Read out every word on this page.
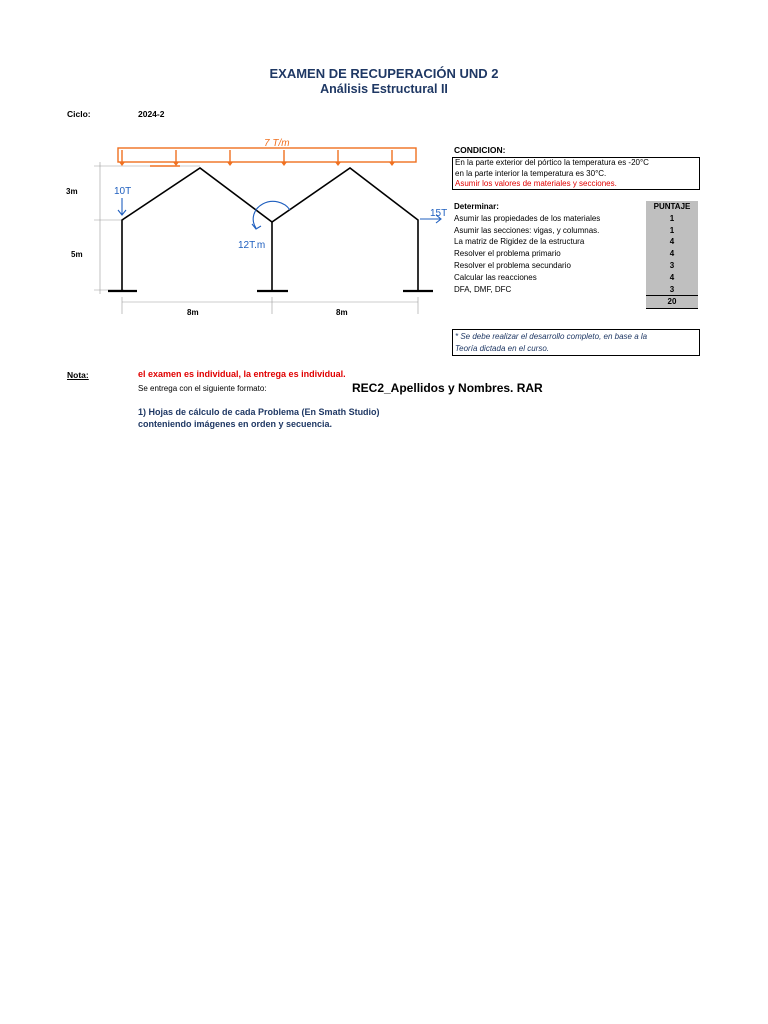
EXAMEN DE RECUPERACIÓN UND 2
Análisis Estructural II
Ciclo:	2024-2
7 T/m
10T
15T
12T.m
3m
5m
8m	8m
CONDICION:
En la parte exterior del pórtico la temperatura es -20°C
en la parte interior la temperatura es 30°C.
Asumir los valores de materiales y secciones.
Determinar:	PUNTAJE
Asumir las propiedades de los materiales	1
Asumir las secciones: vigas, y columnas.	1
La matriz de Rigidez de la estructura	4
Resolver el problema primario	4
Resolver el problema secundario	3
Calcular las reacciones	4
DFA, DMF, DFC	3
	20
* Se debe realizar el desarrollo completo, en base a la
Teoría dictada en el curso.
Nota:	el examen es individual, la entrega es individual.
Se entrega con el siguiente formato:	REC2_Apellidos y Nombres. RAR
1) Hojas de cálculo de cada Problema (En Smath Studio)
conteniendo imágenes en orden y secuencia.
